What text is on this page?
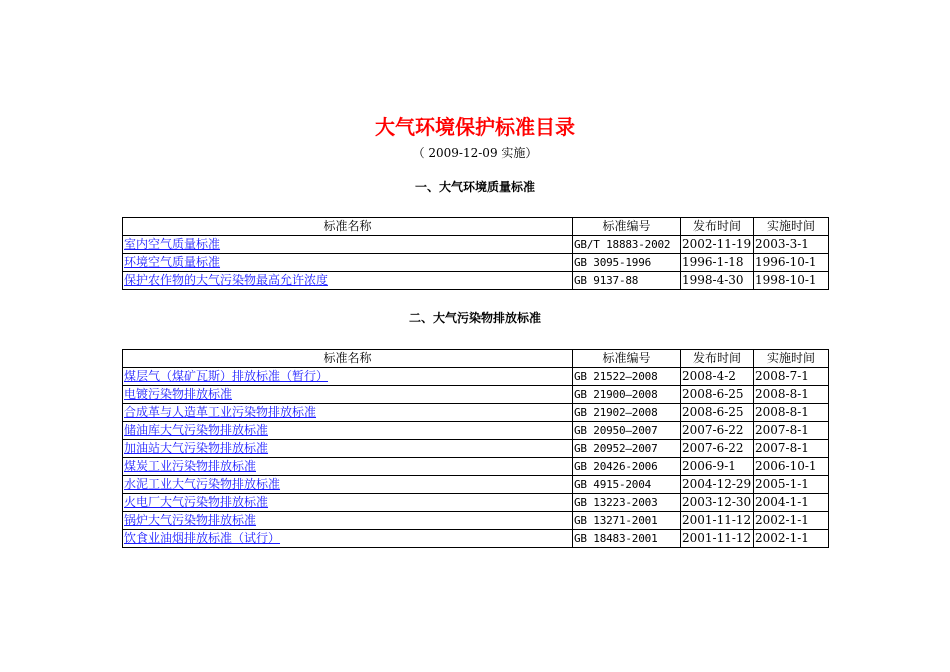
大气环境保护标准目录
（ 2009-12-09 实施）
一、大气环境质量标准
标准名称	标准编号	发布时间	实施时间
室内空气质量标准	GB/T 18883-2002	2002-11-19	2003-3-1
环境空气质量标准	GB 3095-1996	1996-1-18	1996-10-1
保护农作物的大气污染物最高允许浓度	GB 9137-88	1998-4-30	1998-10-1
二、大气污染物排放标准
标准名称	标准编号	发布时间	实施时间
煤层气（煤矿瓦斯）排放标准（暂行）	GB 21522—2008	2008-4-2	2008-7-1
电镀污染物排放标准	GB 21900—2008	2008-6-25	2008-8-1
合成革与人造革工业污染物排放标准	GB 21902—2008	2008-6-25	2008-8-1
储油库大气污染物排放标准	GB 20950—2007	2007-6-22	2007-8-1
加油站大气污染物排放标准	GB 20952—2007	2007-6-22	2007-8-1
煤炭工业污染物排放标准	GB 20426-2006	2006-9-1	2006-10-1
水泥工业大气污染物排放标准	GB 4915-2004	2004-12-29	2005-1-1
火电厂大气污染物排放标准	GB 13223-2003	2003-12-30	2004-1-1
锅炉大气污染物排放标准	GB 13271-2001	2001-11-12	2002-1-1
饮食业油烟排放标准（试行）	GB 18483-2001	2001-11-12	2002-1-1
